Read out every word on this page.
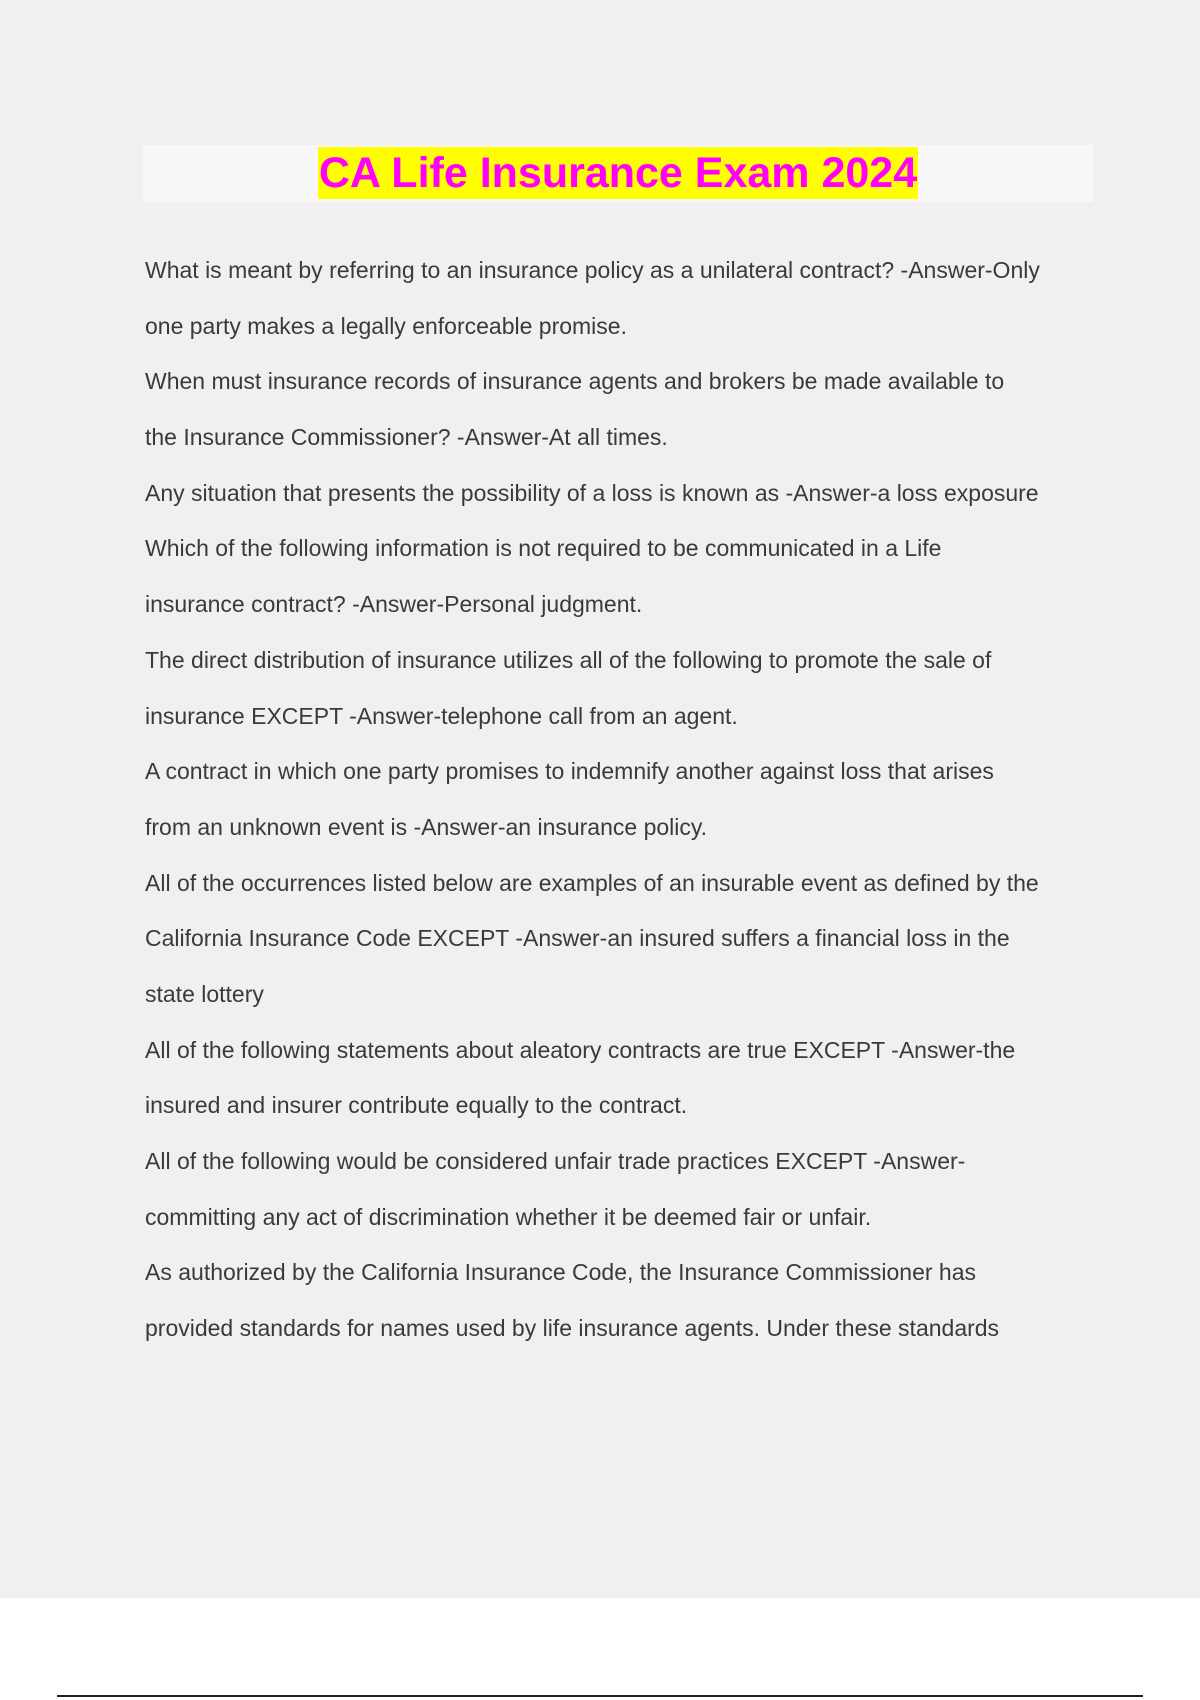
CA Life Insurance Exam 2024
What is meant by referring to an insurance policy as a unilateral contract? -Answer-Only
one party makes a legally enforceable promise.
When must insurance records of insurance agents and brokers be made available to
the Insurance Commissioner? -Answer-At all times.
Any situation that presents the possibility of a loss is known as -Answer-a loss exposure
Which of the following information is not required to be communicated in a Life
insurance contract? -Answer-Personal judgment.
The direct distribution of insurance utilizes all of the following to promote the sale of
insurance EXCEPT -Answer-telephone call from an agent.
A contract in which one party promises to indemnify another against loss that arises
from an unknown event is -Answer-an insurance policy.
All of the occurrences listed below are examples of an insurable event as defined by the
California Insurance Code EXCEPT -Answer-an insured suffers a financial loss in the
state lottery
All of the following statements about aleatory contracts are true EXCEPT -Answer-the
insured and insurer contribute equally to the contract.
All of the following would be considered unfair trade practices EXCEPT -Answer-
committing any act of discrimination whether it be deemed fair or unfair.
As authorized by the California Insurance Code, the Insurance Commissioner has
provided standards for names used by life insurance agents. Under these standards
